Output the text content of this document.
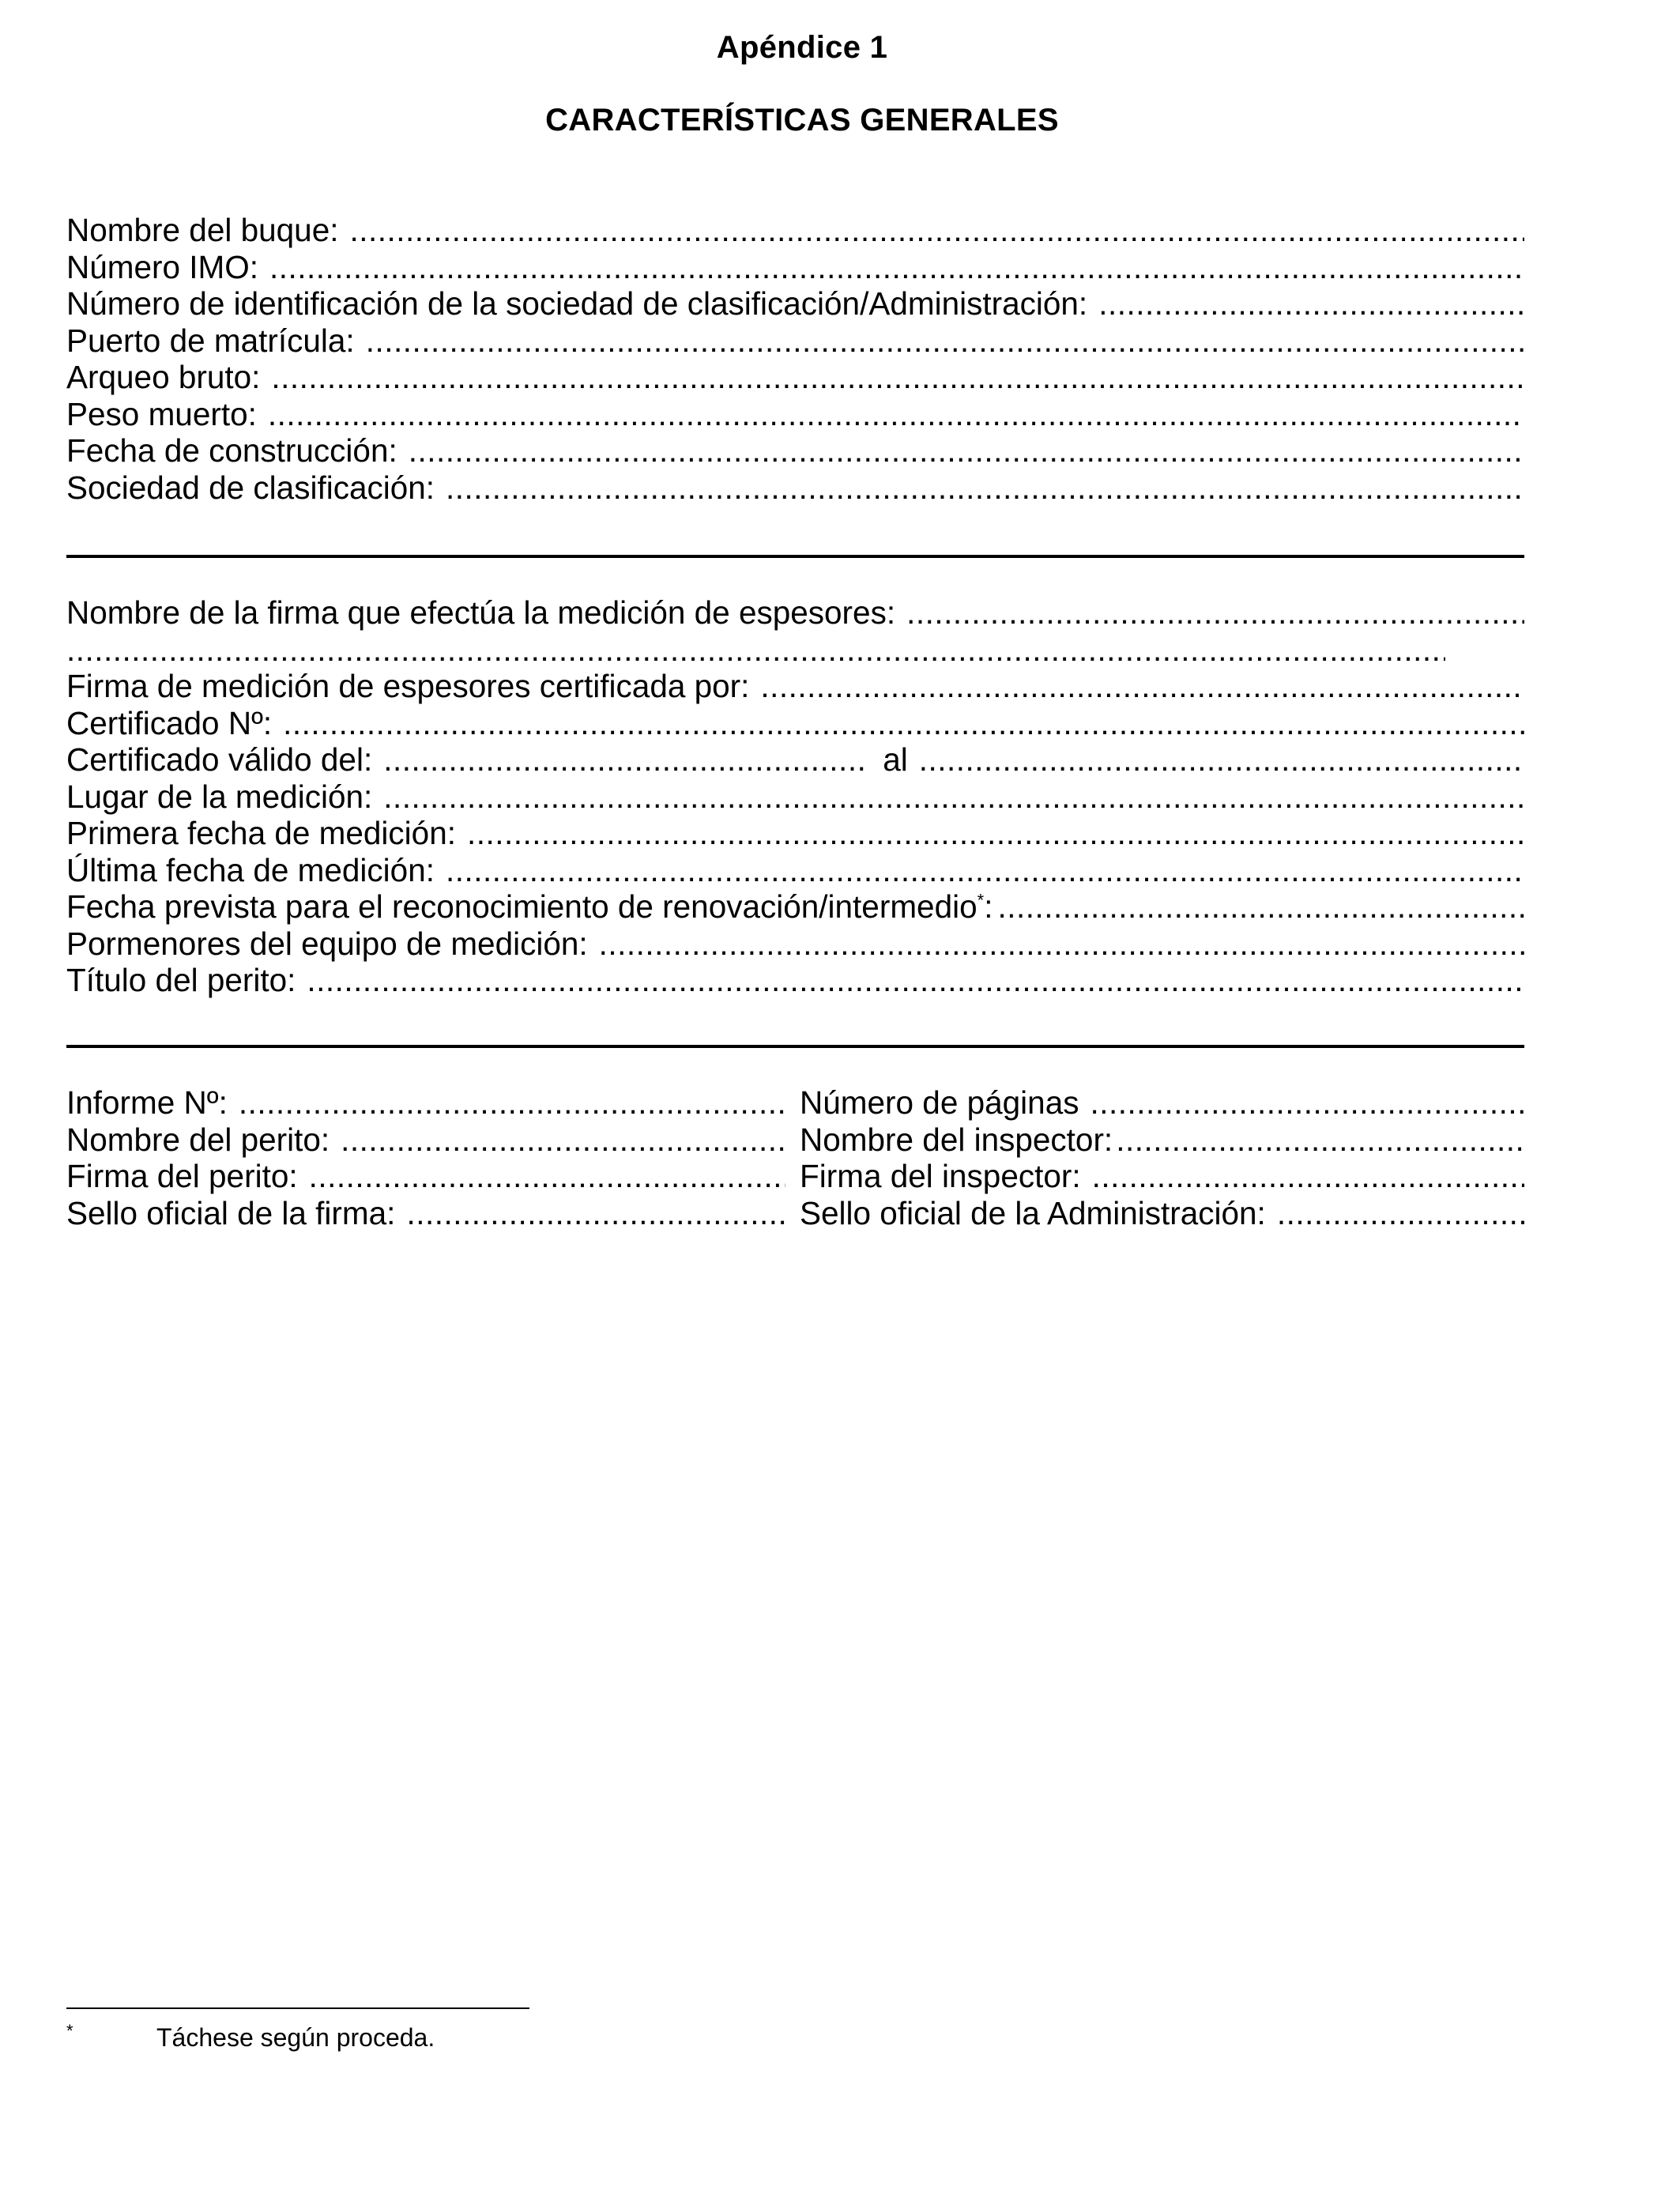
Apéndice 1
CARACTERÍSTICAS GENERALES
Nombre del buque:
.....
Número IMO:
.....
Número de identificación de la sociedad de clasificación/Administración:
.....
Puerto de matrícula:
.....
Arqueo bruto:
.....
Peso muerto:
.....
Fecha de construcción:
.....
Sociedad de clasificación:
.....
Nombre de la firma que efectúa la medición de espesores:
.....
.....
Firma de medición de espesores certificada por:
.....
Certificado Nº:
.....
Certificado válido del: .....	al
.....
Lugar de la medición:
.....
Primera fecha de medición:
.....
Última fecha de medición:
.....
Fecha prevista para el reconocimiento de renovación/intermedio*:
.....
Pormenores del equipo de medición:
.....
Título del perito:
.....
Informe Nº: .....	Número de páginas
.....
Nombre del perito: .....	Nombre del inspector:
.....
Firma del perito: .....	Firma del inspector:
.....
Sello oficial de la firma: .....	Sello oficial de la Administración:
.....
*	Táchese según proceda.
